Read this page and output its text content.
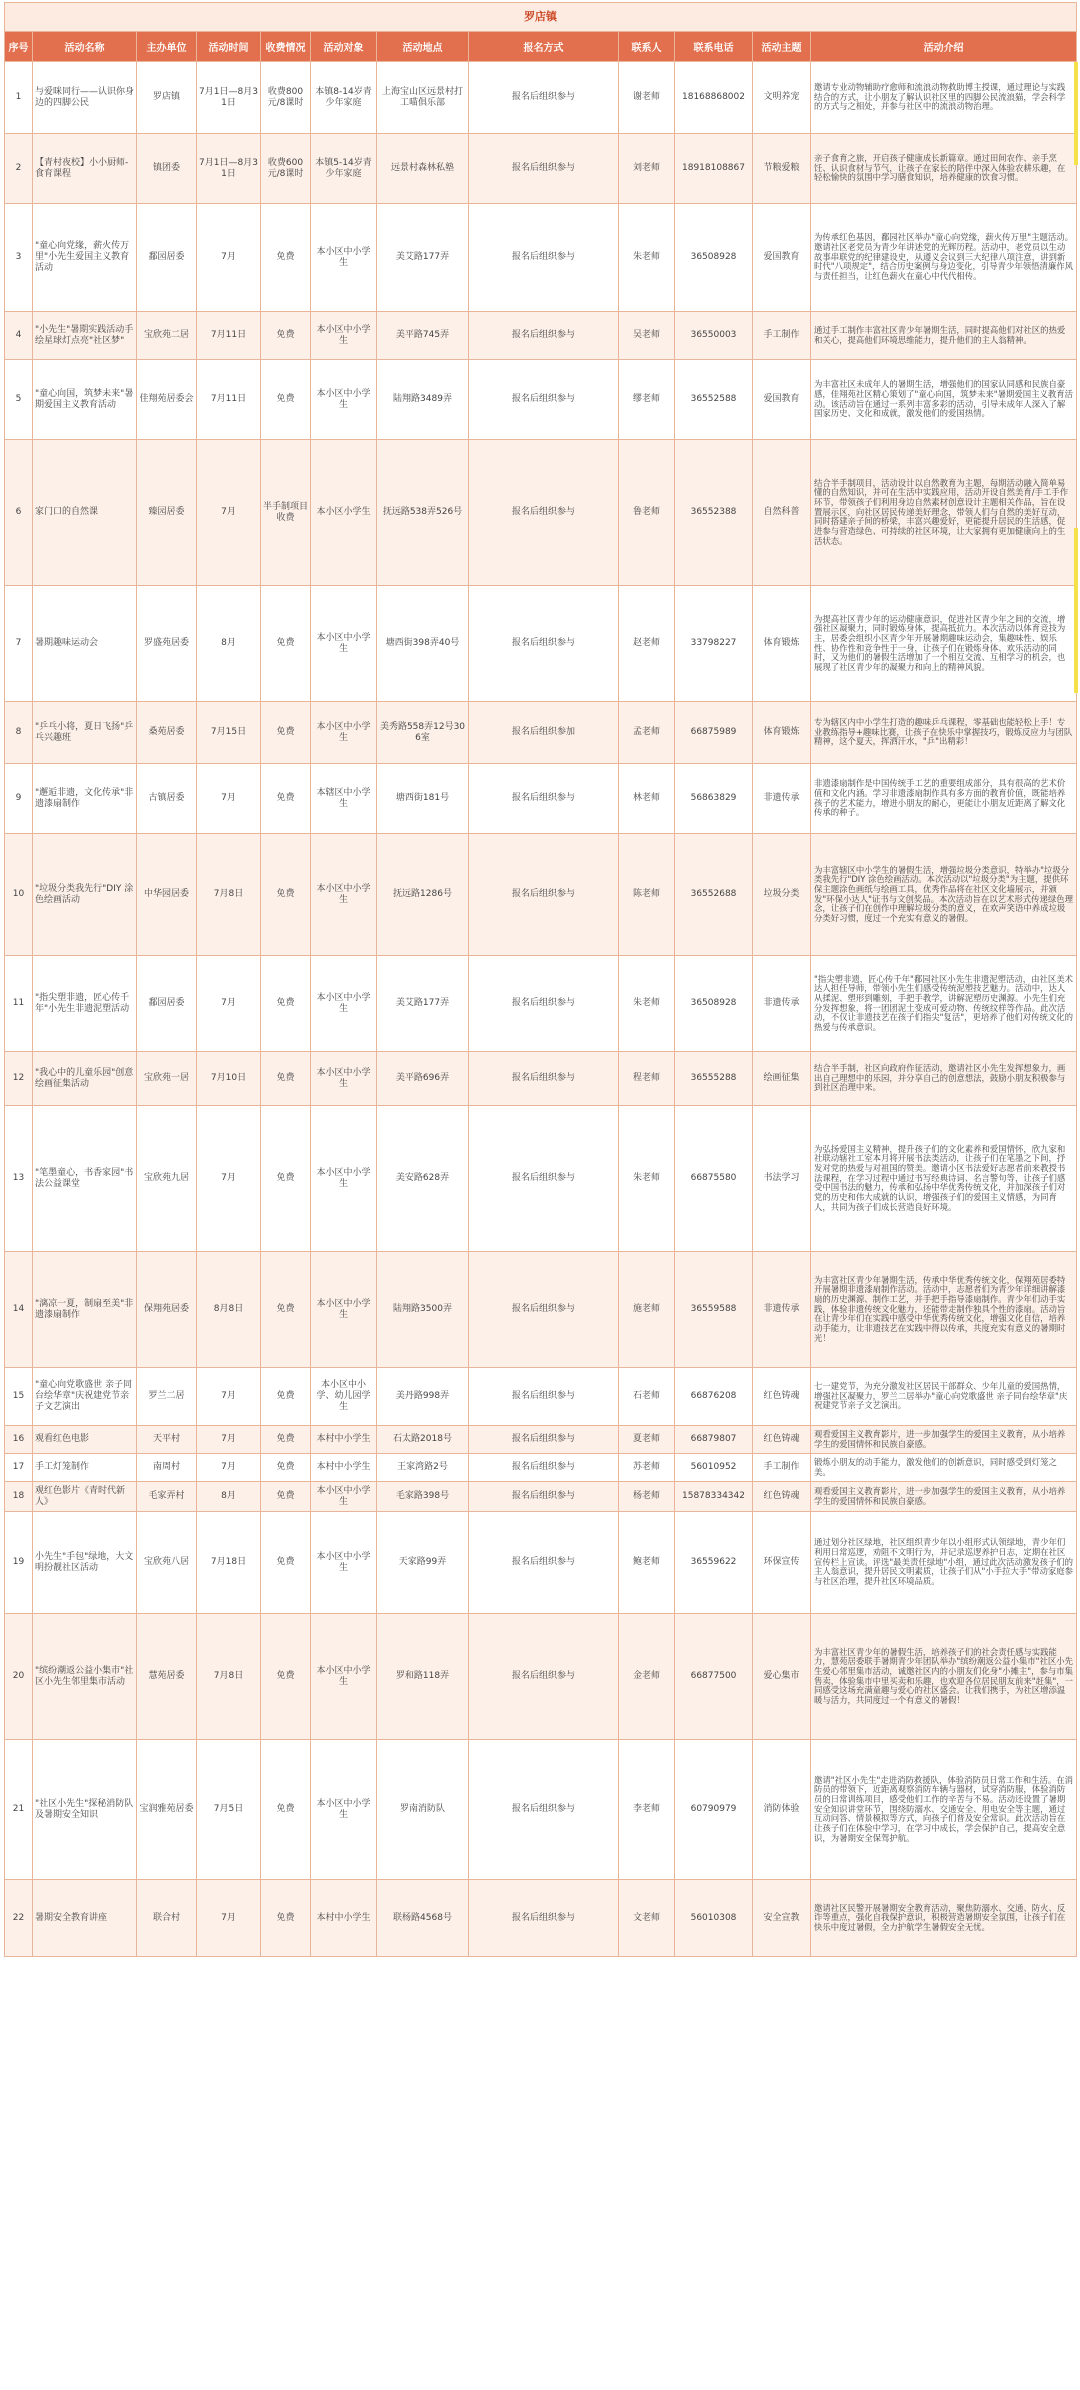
罗店镇											
序号	活动名称	主办单位	活动时间	收费情况	活动对象	活动地点	报名方式	联系人	联系电话	活动主题	活动介绍
1	与爱咪同行——认识你身边的四脚公民	罗店镇	7月1日—8月31日	收费800元/8课时	本镇8-14岁青少年家庭	上海宝山区远景村打工喵俱乐部	报名后组织参与	谢老师	18168868002	文明养宠	邀请专业动物辅助疗愈师和流浪动物救助博主授课，通过理论与实践结合的方式，让小朋友了解认识社区里的四脚公民流浪猫，学会科学的方式与之相处，并参与社区中的流浪动物治理。
2	【青村夜校】小小厨师-食育课程	镇团委	7月1日—8月31日	收费600元/8课时	本镇5-14岁青少年家庭	远景村森林私塾	报名后组织参与	刘老师	18918108867	节粮爱粮	亲子食育之旅，开启孩子健康成长新篇章。通过田间农作、亲手烹饪、认识食材与节气，让孩子在家长的陪伴中深入体验农耕乐趣，在轻松愉快的氛围中学习膳食知识，培养健康的饮食习惯。
3	"童心向党缘，薪火传万里"小先生爱国主义教育活动	鄱园居委	7月	免费	本小区中小学生	美艾路177弄	报名后组织参与	朱老师	36508928	爱国教育	为传承红色基因，鄱园社区举办"童心向党缘，薪火传万里"主题活动。邀请社区老党员为青少年讲述党的光辉历程。活动中，老党员以生动故事串联党的纪律建设史，从遵义会议到三大纪律八项注意，讲到新时代"八项规定"，结合历史案例与身边变化，引导青少年领悟清廉作风与责任担当，让红色薪火在童心中代代相传。
4	"小先生"暑期实践活动手绘星球灯点亮"社区梦"	宝欣苑二居	7月11日	免费	本小区中小学生	美平路745弄	报名后组织参与	吴老师	36550003	手工制作	通过手工制作丰富社区青少年暑期生活，同时提高他们对社区的热爱和关心，提高他们环境思维能力，提升他们的主人翁精神。
5	"童心向国，筑梦未来"暑期爱国主义教育活动	佳翔苑居委会	7月11日	免费	本小区中小学生	陆翔路3489弄	报名后组织参与	缪老师	36552588	爱国教育	为丰富社区未成年人的暑期生活，增强他们的国家认同感和民族自豪感，佳翔苑社区精心策划了"童心向国，筑梦未来"暑期爱国主义教育活动。该活动旨在通过一系列丰富多彩的活动，引导未成年人深入了解国家历史、文化和成就，激发他们的爱国热情。
6	家门口的自然课	臻园居委	7月	半手制项目收费	本小区小学生	抚远路538弄526号	报名后组织参与	鲁老师	36552388	自然科普	结合半手制项目，活动设计以自然教育为主题，每期活动融入简单易懂的自然知识，并可在生活中实践应用，活动开设自然美育/手工手作环节，带领孩子们利用身边自然素材创意设计主题相关作品，旨在设置展示区，向社区居民传递美好理念，带领人们与自然的美好互动，同时搭建亲子间的桥梁，丰富兴趣爱好，更能提升居民的生活感，促进参与营造绿色、可持续的社区环境，让大家拥有更加健康向上的生活状态。
7	暑期趣味运动会	罗盛苑居委	8月	免费	本小区中小学生	塘西街398弄40号	报名后组织参与	赵老师	33798227	体育锻炼	为提高社区青少年的运动健康意识，促进社区青少年之间的交流，增强社区凝聚力，同时锻炼身体，提高抵抗力。本次活动以体育竞技为主，居委会组织小区青少年开展暑期趣味运动会，集趣味性、娱乐性、协作性和竞争性于一身，让孩子们在锻炼身体、欢乐活动的同时，又为他们的暑假生活增加了一个相互交流、互相学习的机会，也展现了社区青少年的凝聚力和向上的精神风貌。
8	"乒乓小将，夏日飞扬"乒乓兴趣班	桑苑居委	7月15日	免费	本小区中小学生	美秀路558弄12号306室	报名后组织参加	孟老师	66875989	体育锻炼	专为辖区内中小学生打造的趣味乒乓课程，零基础也能轻松上手！专业教练指导+趣味比赛，让孩子在快乐中掌握技巧，锻炼反应力与团队精神，这个夏天，挥洒汗水，"乒"出精彩！
9	"邂逅非遗，文化传承"非遗漆扇制作	古镇居委	7月	免费	本辖区中小学生	塘西街181号	报名后组织参与	林老师	56863829	非遗传承	非遗漆扇制作是中国传统手工艺的重要组成部分，具有很高的艺术价值和文化内涵。学习非遗漆扇制作具有多方面的教育价值，既能培养孩子的艺术能力，增进小朋友的耐心，更能让小朋友近距离了解文化传承的种子。
10	"垃圾分类我先行"DIY 涂色绘画活动	中华园居委	7月8日	免费	本小区中小学生	抚远路1286号	报名后组织参与	陈老师	36552688	垃圾分类	为丰富辖区中小学生的暑假生活，增强垃圾分类意识，特举办"垃圾分类我先行"DIY 涂色绘画活动。本次活动以"垃圾分类"为主题，提供环保主题涂色画纸与绘画工具，优秀作品将在社区文化墙展示，并颁发"环保小达人"证书与文创奖品。本次活动旨在以艺术形式传递绿色理念，让孩子们在创作中理解垃圾分类的意义，在欢声笑语中养成垃圾分类好习惯，度过一个充实有意义的暑假。
11	"指尖塑非遗，匠心传千年"小先生非遗泥塑活动	鄱园居委	7月	免费	本小区中小学生	美艾路177弄	报名后组织参与	朱老师	36508928	非遗传承	"指尖塑非遗，匠心传千年"鄱园社区小先生非遗泥塑活动，由社区美术达人担任导师，带领小先生们感受传统泥塑技艺魅力。活动中，达人从揉泥、塑形到雕刻，手把手教学，讲解泥塑历史渊源。小先生们充分发挥想象，将一团团泥土变成可爱动物、传统纹样等作品。此次活动，不仅让非遗技艺在孩子们指尖"复活"，更培养了他们对传统文化的热爱与传承意识。
12	"我心中的儿童乐园"创意绘画征集活动	宝欣苑一居	7月10日	免费	本小区中小学生	美平路696弄	报名后组织参与	程老师	36555288	绘画征集	结合半手制，社区向政府作征活动，邀请社区小先生发挥想象力，画出自己理想中的乐园，并分享自己的创意想法，鼓励小朋友积极参与到社区治理中来。
13	"笔墨童心，书香家园"书法公益课堂	宝欣苑九居	7月	免费	本小区中小学生	美安路628弄	报名后组织参与	朱老师	66875580	书法学习	为弘扬爱国主义精神，提升孩子们的文化素养和爱国情怀，欣九家和社联动辖社工室本月将开展书法类活动，让孩子们在笔墨之下间，抒发对党的热爱与对祖国的赞美。邀请小区书法爱好志愿者前来教授书法课程，在学习过程中通过书写经典诗词、名言警句等，让孩子们感受中国书法的魅力，传承和弘扬中华优秀传统文化，并加深孩子们对党的历史和伟大成就的认识，增强孩子们的爱国主义情感，为同育人，共同为孩子们成长营造良好环境。
14	"漓凉一夏，制扇至美"非遗漆扇制作	保翔苑居委	8月8日	免费	本小区中小学生	陆翔路3500弄	报名后组织参与	施老师	36559588	非遗传承	为丰富社区青少年暑期生活，传承中华优秀传统文化，保翔苑居委特开展暑期非遗漆扇制作活动。活动中，志愿者们为青少年详细讲解漆扇的历史渊源、制作工艺，并手把手指导漆扇制作。青少年们动手实践，体验非遗传统文化魅力，还能带走制作独具个性的漆扇。活动旨在让青少年们在实践中感受中华优秀传统文化，增强文化自信，培养动手能力，让非遗技艺在实践中得以传承，共度充实有意义的暑期时光！
15	"童心向党歌盛世 亲子同台绘华章"庆祝建党节亲子文艺演出	罗兰二居	7月	免费	本小区中小学、幼儿园学生	美丹路998弄	报名后组织参与	石老师	66876208	红色铸魂	七一建党节，为充分激发社区居民干部群众、少年儿童的爱国热情，增强社区凝聚力，罗兰二居举办"童心向党歌盛世 亲子同台绘华章"庆祝建党节亲子文艺演出。
16	观看红色电影	天平村	7月	免费	本村中小学生	石太路2018号	报名后组织参与	夏老师	66879807	红色铸魂	观看爱国主义教育影片，进一步加强学生的爱国主义教育，从小培养学生的爱国情怀和民族自豪感。
17	手工灯笼制作	南周村	7月	免费	本村中小学生	王家湾路2号	报名后组织参与	苏老师	56010952	手工制作	锻炼小朋友的动手能力，激发他们的创新意识，同时感受到灯笼之美。
18	观红色影片《青时代新人》	毛家弄村	8月	免费	本小区中小学生	毛家路398号	报名后组织参与	杨老师	15878334342	红色铸魂	观看爱国主义教育影片，进一步加强学生的爱国主义教育，从小培养学生的爱国情怀和民族自豪感。
19	小先生"手包"绿地，大文明扮靓社区活动	宝欣苑八居	7月18日	免费	本小区中小学生	天家路99弄	报名后组织参与	鲍老师	36559622	环保宣传	通过划分社区绿地，社区组织青少年以小组形式认领绿地，青少年们利用日常巡逻，劝阻不文明行为，并记录巡逻养护日志，定期在社区宣传栏上宣读。评选"最美责任绿地"小组，通过此次活动激发孩子们的主人翁意识，提升居民文明素质，让孩子们从"小手拉大手"带动家庭参与社区治理，提升社区环境品质。
20	"缤纷潮返公益小集市"社区小先生邻里集市活动	慧苑居委	7月8日	免费	本小区中小学生	罗和路118弄	报名后组织参与	金老师	66877500	爱心集市	为丰富社区青少年的暑假生活，培养孩子们的社会责任感与实践能力，慧苑居委联手暑期青少年团队举办"缤纷潮返公益小集市"社区小先生爱心邻里集市活动，诚邀社区内的小朋友们化身"小摊主"，参与市集售卖，体验集市中里买卖和乐趣，也欢迎各位居民朋友前来"赶集"，一同感受这场充满童趣与爱心的社区盛会。让我们携手，为社区增添温暖与活力，共同度过一个有意义的暑假！
21	"社区小先生"探秘消防队及暑期安全知识	宝润雅苑居委	7月5日	免费	本小区中小学生	罗南消防队	报名后组织参与	李老师	60790979	消防体验	邀请"社区小先生"走进消防救援队，体验消防员日常工作和生活。在消防员的带领下，近距离观察消防车辆与器材，试穿消防服，体验消防员的日常训练项目，感受他们工作的辛苦与不易。活动还设置了暑期安全知识讲堂环节，围绕防溺水、交通安全、用电安全等主题，通过互动问答、情景模拟等方式，向孩子们普及安全常识。此次活动旨在让孩子们在体验中学习，在学习中成长，学会保护自己，提高安全意识，为暑期安全保驾护航。
22	暑期安全教育讲座	联合村	7月	免费	本村中小学生	联杨路4568号	报名后组织参与	文老师	56010308	安全宣教	邀请社区民警开展暑期安全教育活动，聚焦防溺水、交通、防火、反诈等重点，强化自我保护意识，积极营造暑期安全氛围，让孩子们在快乐中度过暑假，全力护航学生暑假安全无忧。
